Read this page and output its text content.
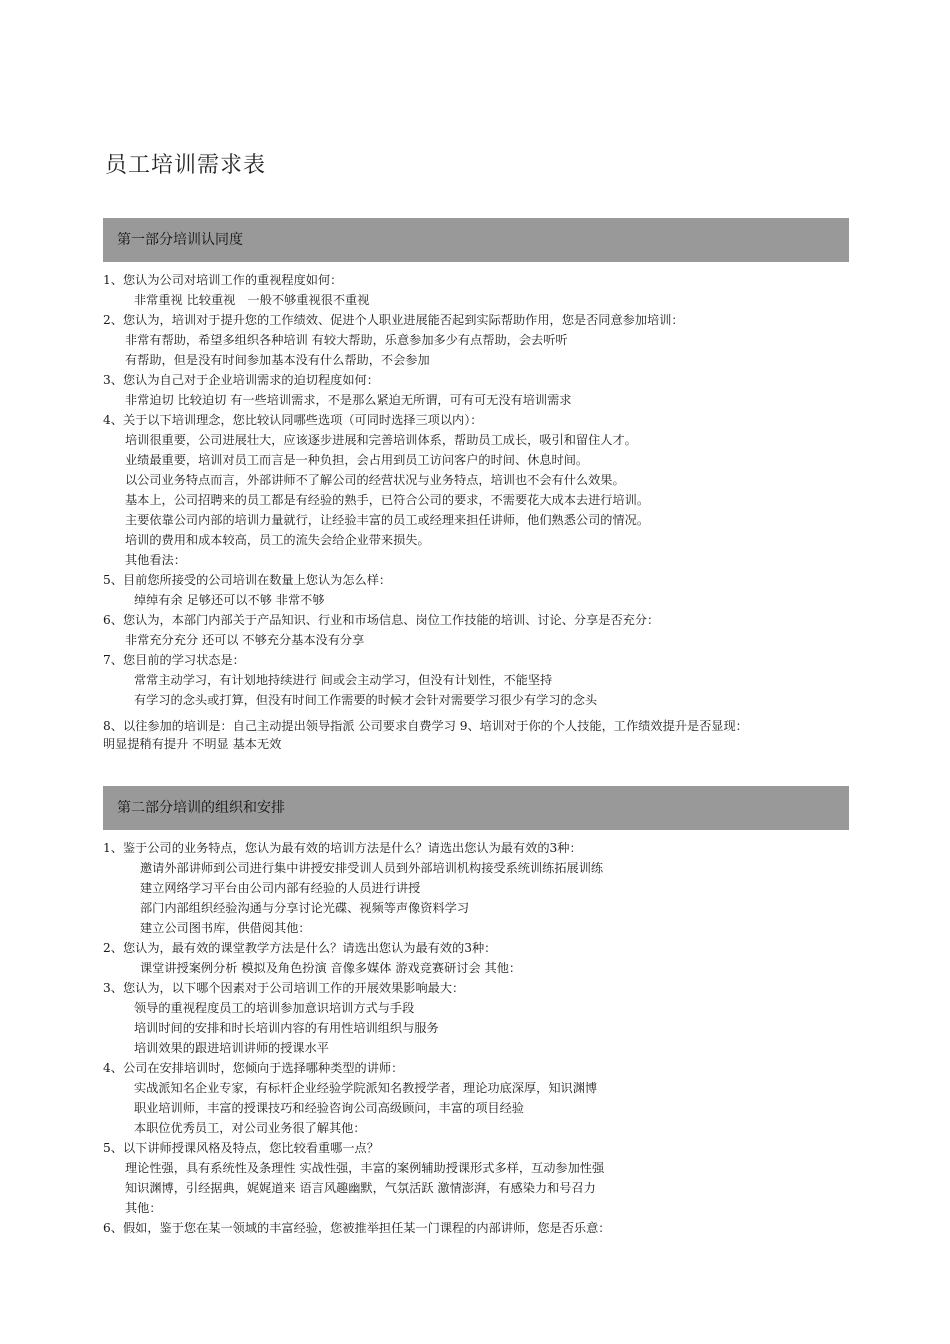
员工培训需求表
第一部分培训认同度
1、您认为公司对培训工作的重视程度如何：
非常重视 比较重视　一般不够重视很不重视
2、您认为，培训对于提升您的工作绩效、促进个人职业进展能否起到实际帮助作用，您是否同意参加培训：
非常有帮助，希望多组织各种培训 有较大帮助，乐意参加多少有点帮助，会去听听
有帮助，但是没有时间参加基本没有什么帮助，不会参加
3、您认为自己对于企业培训需求的迫切程度如何：
非常迫切 比较迫切 有一些培训需求，不是那么紧迫无所谓，可有可无没有培训需求
4、关于以下培训理念，您比较认同哪些选项（可同时选择三项以内）：
培训很重要，公司进展壮大，应该逐步进展和完善培训体系，帮助员工成长，吸引和留住人才。
业绩最重要，培训对员工而言是一种负担，会占用到员工访问客户的时间、休息时间。
以公司业务特点而言，外部讲师不了解公司的经营状况与业务特点，培训也不会有什么效果。
基本上，公司招聘来的员工都是有经验的熟手，已符合公司的要求，不需要花大成本去进行培训。
主要依靠公司内部的培训力量就行，让经验丰富的员工或经理来担任讲师，他们熟悉公司的情况。
培训的费用和成本较高，员工的流失会给企业带来损失。
其他看法：
5、目前您所接受的公司培训在数量上您认为怎么样：
绰绰有余 足够还可以不够 非常不够
6、您认为，本部门内部关于产品知识、行业和市场信息、岗位工作技能的培训、讨论、分享是否充分：
非常充分充分 还可以 不够充分基本没有分享
7、您目前的学习状态是：
常常主动学习，有计划地持续进行 间或会主动学习，但没有计划性，不能坚持
有学习的念头或打算，但没有时间工作需要的时候才会针对需要学习很少有学习的念头
8、以往参加的培训是：自己主动提出领导指派 公司要求自费学习 9、培训对于你的个人技能，工作绩效提升是否显现：
明显提稍有提升 不明显 基本无效
第二部分培训的组织和安排
1、鉴于公司的业务特点，您认为最有效的培训方法是什么？请选出您认为最有效的3种：
邀请外部讲师到公司进行集中讲授安排受训人员到外部培训机构接受系统训练拓展训练
建立网络学习平台由公司内部有经验的人员进行讲授
部门内部组织经验沟通与分享讨论光碟、视频等声像资料学习
建立公司图书库，供借阅其他：
2、您认为，最有效的课堂教学方法是什么？请选出您认为最有效的3种：
课堂讲授案例分析 模拟及角色扮演 音像多媒体 游戏竞赛研讨会 其他：
3、您认为，以下哪个因素对于公司培训工作的开展效果影响最大：
领导的重视程度员工的培训参加意识培训方式与手段
培训时间的安排和时长培训内容的有用性培训组织与服务
培训效果的跟进培训讲师的授课水平
4、公司在安排培训时，您倾向于选择哪种类型的讲师：
实战派知名企业专家，有标杆企业经验学院派知名教授学者，理论功底深厚，知识渊博
职业培训师，丰富的授课技巧和经验咨询公司高级顾问，丰富的项目经验
本职位优秀员工，对公司业务很了解其他：
5、以下讲师授课风格及特点，您比较看重哪一点？
理论性强，具有系统性及条理性 实战性强，丰富的案例辅助授课形式多样，互动参加性强
知识渊博，引经据典，娓娓道来 语言风趣幽默，气氛活跃 激情澎湃，有感染力和号召力
其他：
6、假如，鉴于您在某一领域的丰富经验，您被推举担任某一门课程的内部讲师，您是否乐意：
